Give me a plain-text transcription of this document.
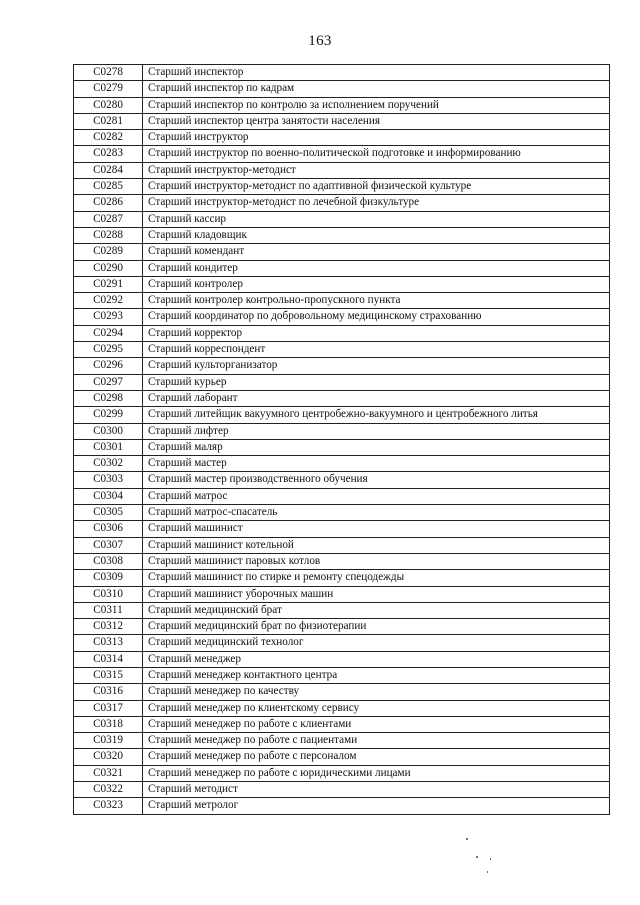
163
C0278	Старший инспектор
C0279	Старший инспектор по кадрам
C0280	Старший инспектор по контролю за исполнением поручений
C0281	Старший инспектор центра занятости населения
C0282	Старший инструктор
C0283	Старший инструктор по военно-политической подготовке и информированию
C0284	Старший инструктор-методист
C0285	Старший инструктор-методист по адаптивной физической культуре
C0286	Старший инструктор-методист по лечебной физкультуре
C0287	Старший кассир
C0288	Старший кладовщик
C0289	Старший комендант
C0290	Старший кондитер
C0291	Старший контролер
C0292	Старший контролер контрольно-пропускного пункта
C0293	Старший координатор по добровольному медицинскому страхованию
C0294	Старший корректор
C0295	Старший корреспондент
C0296	Старший культорганизатор
C0297	Старший курьер
C0298	Старший лаборант
C0299	Старший литейщик вакуумного центробежно-вакуумного и центробежного литья
C0300	Старший лифтер
C0301	Старший маляр
C0302	Старший мастер
C0303	Старший мастер производственного обучения
C0304	Старший матрос
C0305	Старший матрос-спасатель
C0306	Старший машинист
C0307	Старший машинист котельной
C0308	Старший машинист паровых котлов
C0309	Старший машинист по стирке и ремонту спецодежды
C0310	Старший машинист уборочных машин
C0311	Старший медицинский брат
C0312	Старший медицинский брат по физиотерапии
C0313	Старший медицинский технолог
C0314	Старший менеджер
C0315	Старший менеджер контактного центра
C0316	Старший менеджер по качеству
C0317	Старший менеджер по клиентскому сервису
C0318	Старший менеджер по работе с клиентами
C0319	Старший менеджер по работе с пациентами
C0320	Старший менеджер по работе с персоналом
C0321	Старший менеджер по работе с юридическими лицами
C0322	Старший методист
C0323	Старший метролог
